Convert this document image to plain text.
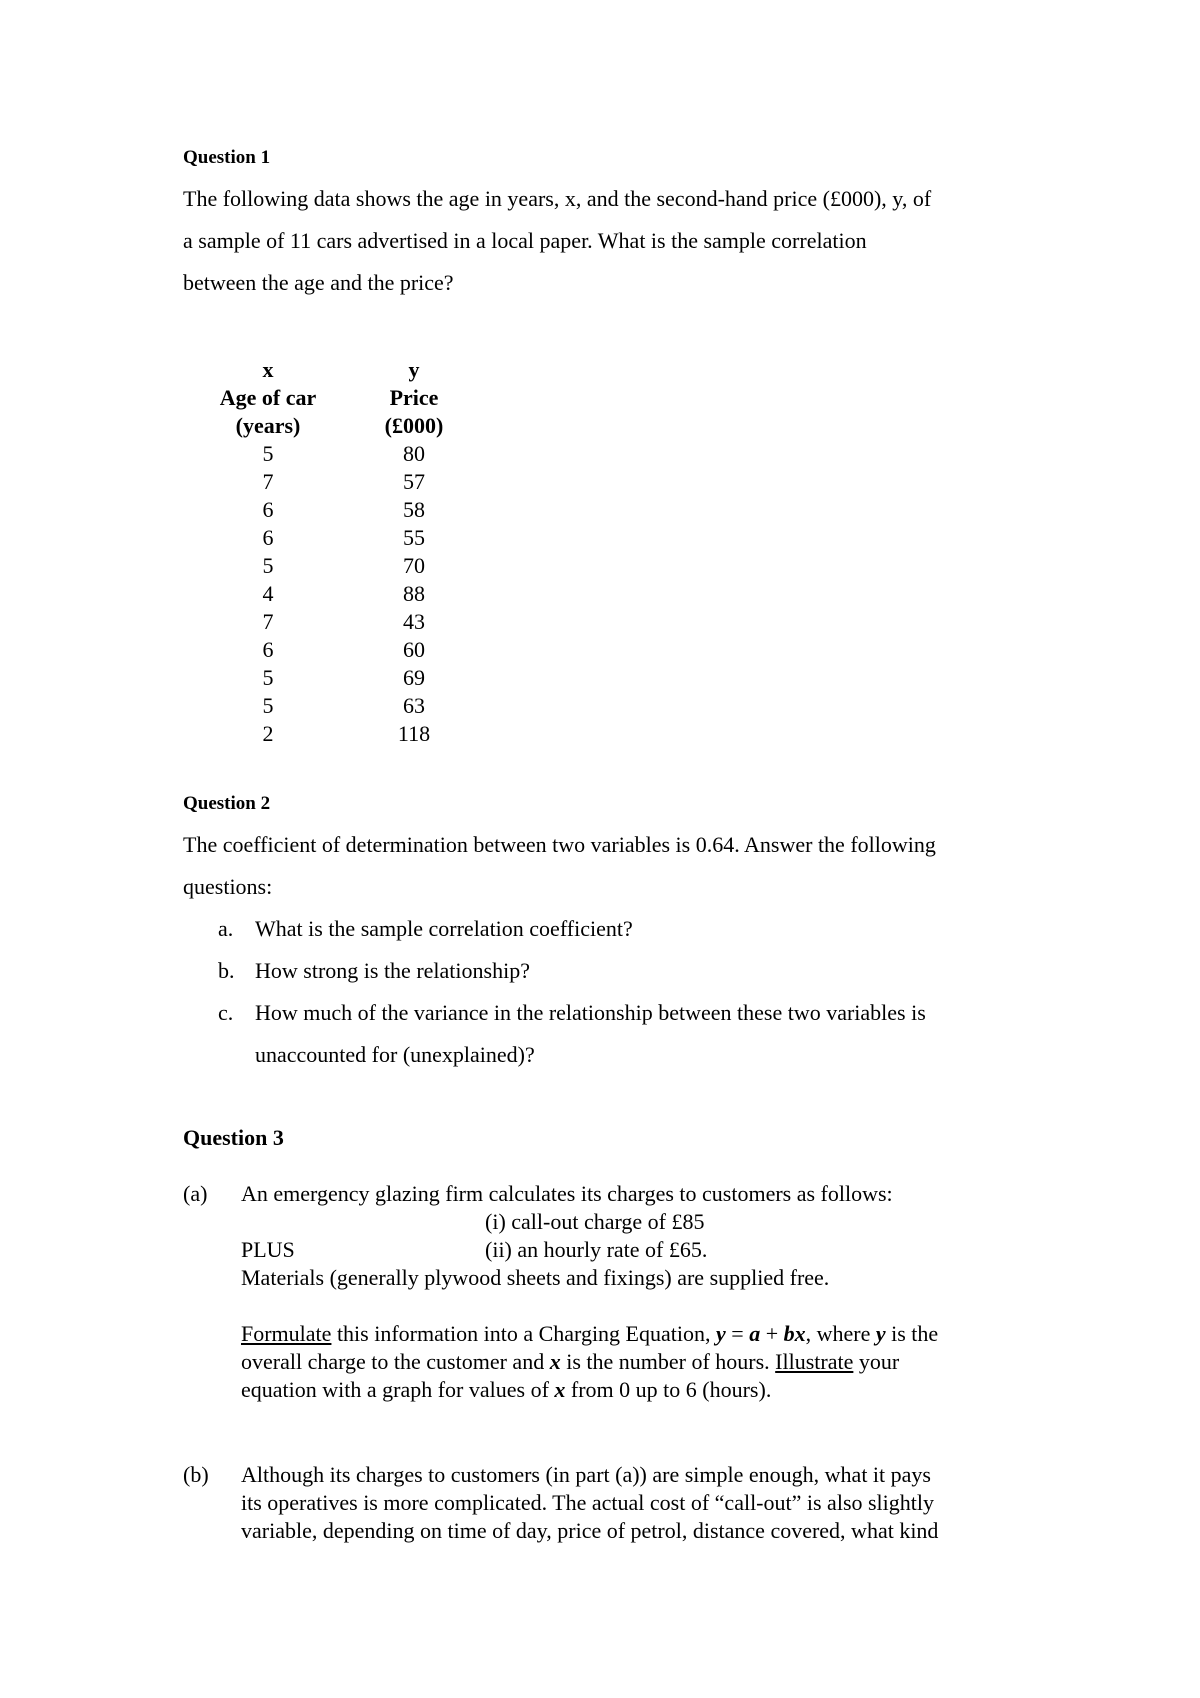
Question 1
The following data shows the age in years, x, and the second-hand price (£000), y, of
a sample of 11 cars advertised in a local paper. What is the sample correlation
between the age and the price?
x
Age of car
(years)
5
7
6
6
5
4
7
6
5
5
2
y
Price
(£000)
80
57
58
55
70
88
43
60
69
63
118
Question 2
The coefficient of determination between two variables is 0.64. Answer the following
questions:
a. What is the sample correlation coefficient?
b. How strong is the relationship?
c. How much of the variance in the relationship between these two variables is
unaccounted for (unexplained)?
Question 3
(a) An emergency glazing firm calculates its charges to customers as follows:
(i) call-out charge of £85
PLUS	(ii) an hourly rate of £65.
Materials (generally plywood sheets and fixings) are supplied free.
Formulate this information into a Charging Equation, y = a + bx, where y is the
overall charge to the customer and x is the number of hours. Illustrate your
equation with a graph for values of x from 0 up to 6 (hours).
(b) Although its charges to customers (in part (a)) are simple enough, what it pays
its operatives is more complicated. The actual cost of “call-out” is also slightly
variable, depending on time of day, price of petrol, distance covered, what kind
